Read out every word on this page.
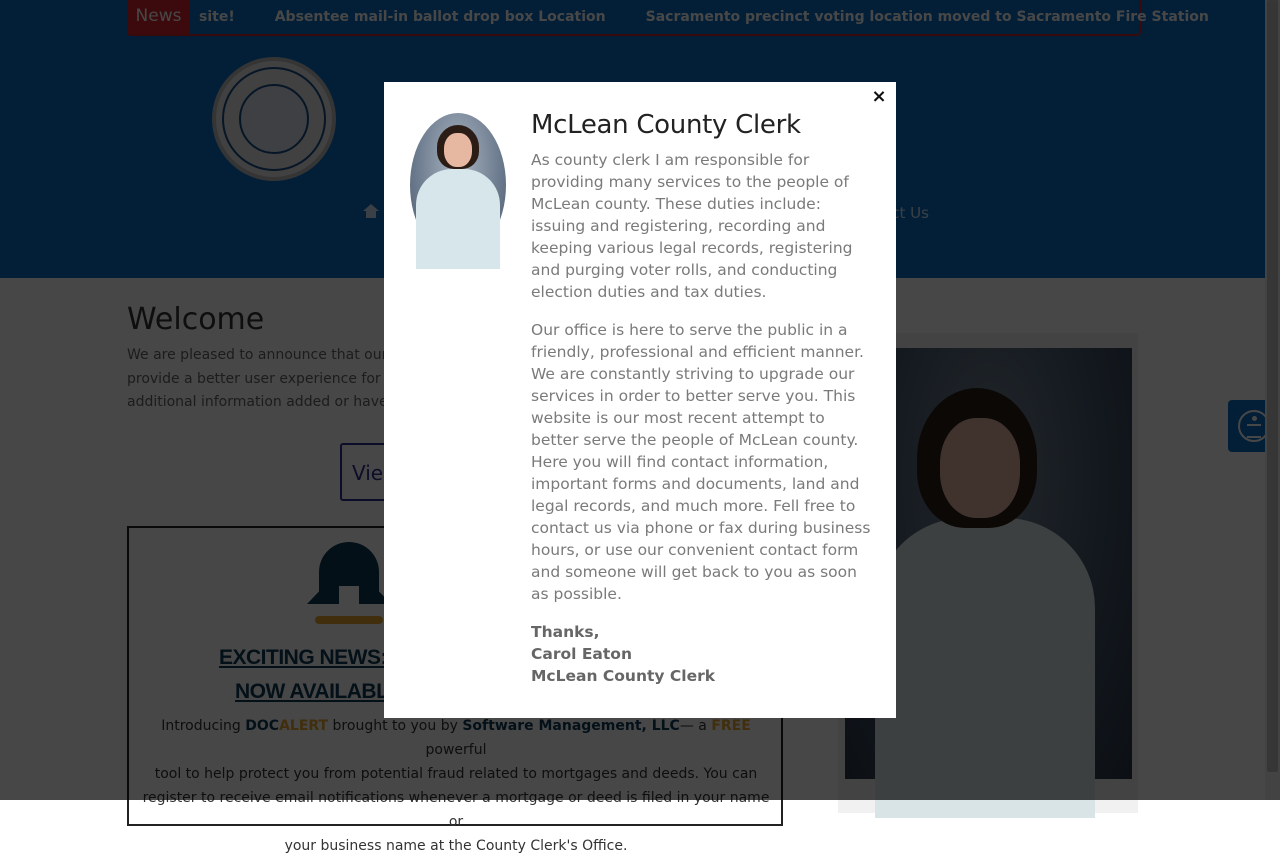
or
your business name at the County Clerk's Office.
×
McLean County Clerk

As county clerk I am responsible for providing many services to the people of McLean county. These duties include: issuing and registering, recording and keeping various legal records, registering and purging voter rolls, and conducting election duties and tax duties.

Our office is here to serve the public in a friendly, professional and efficient manner. We are constantly striving to upgrade our services in order to better serve you. This website is our most recent attempt to better serve the people of McLean county. Here you will find contact information, important forms and documents, land and legal records, and much more. Fell free to contact us via phone or fax during business hours, or use our convenient contact form and someone will get back to you as soon as possible.

Thanks,
Carol Eaton
McLean County Clerk
